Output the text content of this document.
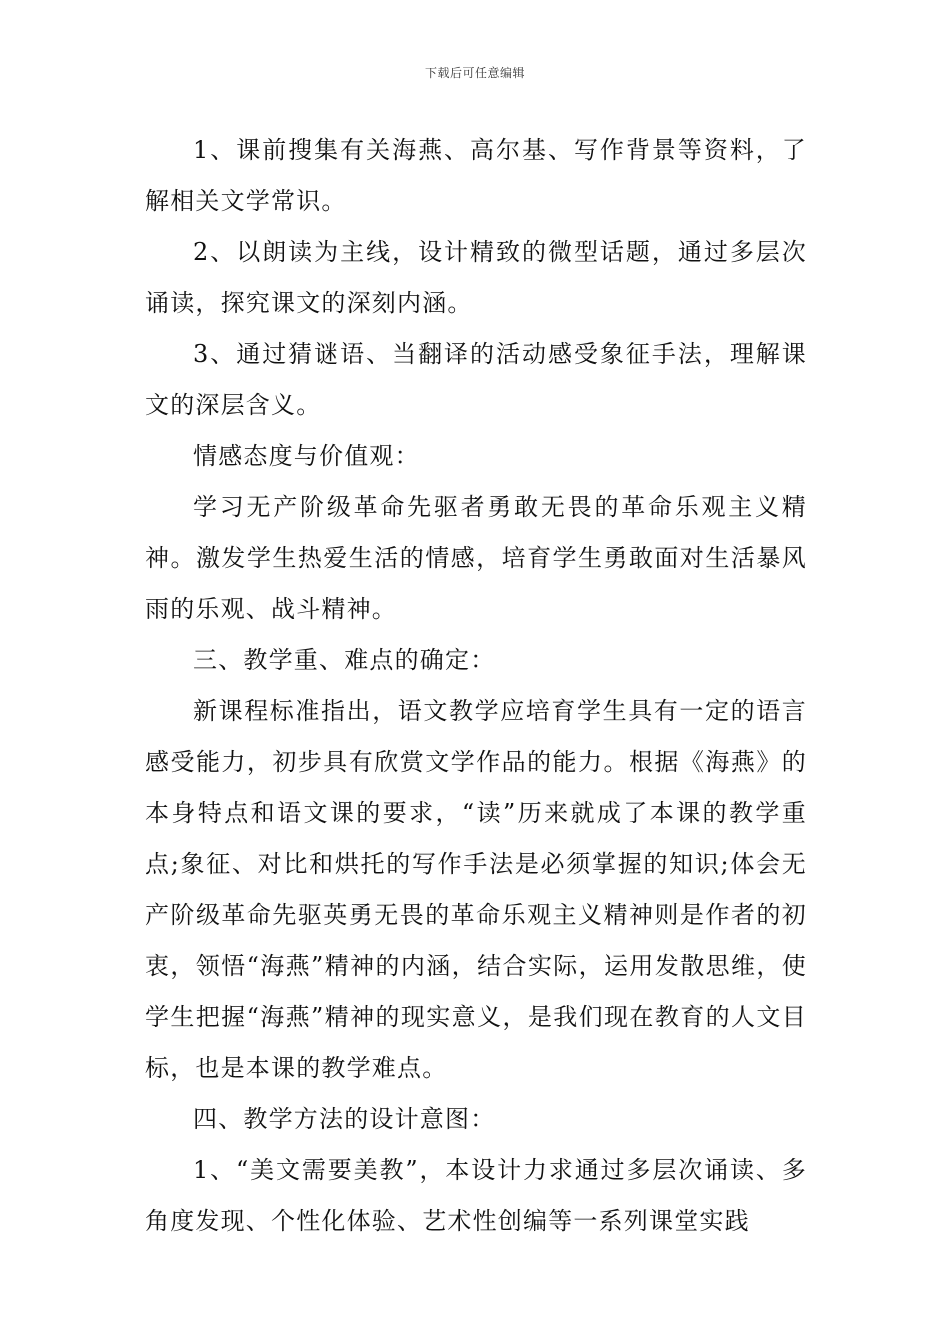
下载后可任意编辑

1、课前搜集有关海燕、高尔基、写作背景等资料，了解相关文学常识。

2、以朗读为主线，设计精致的微型话题，通过多层次诵读，探究课文的深刻内涵。

3、通过猜谜语、当翻译的活动感受象征手法，理解课文的深层含义。

情感态度与价值观：

学习无产阶级革命先驱者勇敢无畏的革命乐观主义精神。激发学生热爱生活的情感，培育学生勇敢面对生活暴风雨的乐观、战斗精神。

三、教学重、难点的确定：

新课程标准指出，语文教学应培育学生具有一定的语言感受能力，初步具有欣赏文学作品的能力。根据《海燕》的本身特点和语文课的要求，“读”历来就成了本课的教学重点;象征、对比和烘托的写作手法是必须掌握的知识;体会无产阶级革命先驱英勇无畏的革命乐观主义精神则是作者的初衷，领悟“海燕”精神的内涵，结合实际，运用发散思维，使学生把握“海燕”精神的现实意义，是我们现在教育的人文目标，也是本课的教学难点。

四、教学方法的设计意图：

1、“美文需要美教”，本设计力求通过多层次诵读、多角度发现、个性化体验、艺术性创编等一系列课堂实践
